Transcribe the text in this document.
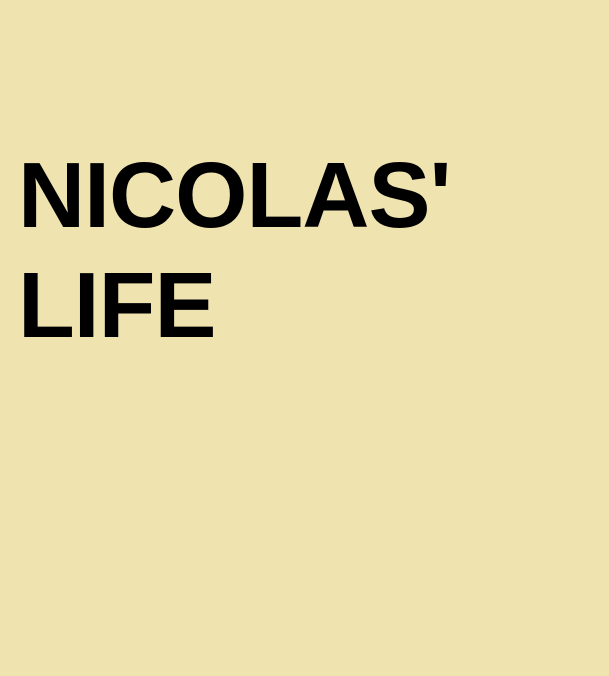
NICOLAS'
LIFE
